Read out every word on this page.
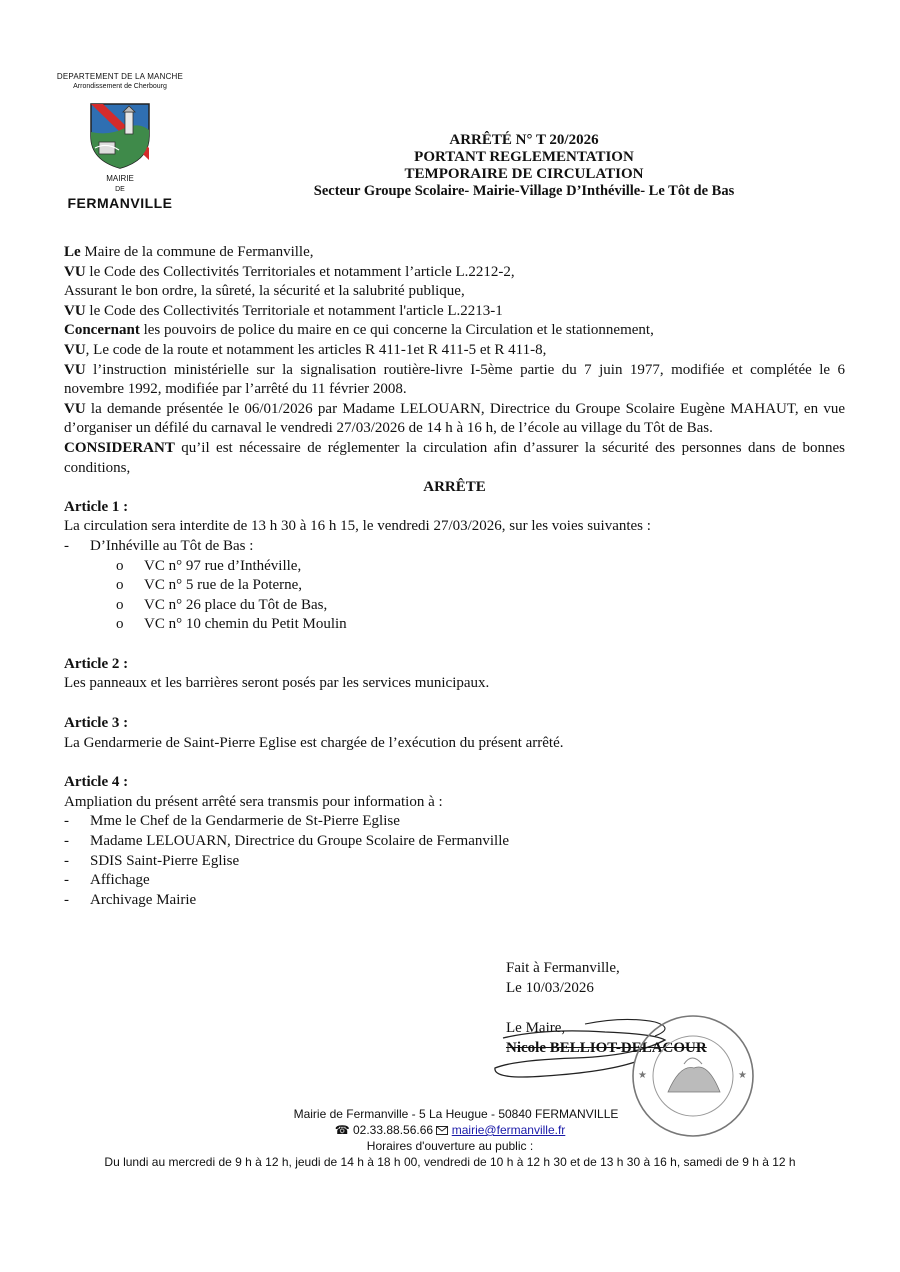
DEPARTEMENT DE LA MANCHE
Arrondissement de Cherbourg
MAIRIE
DE
FERMANVILLE
ARRÊTÉ N° T 20/2026
PORTANT REGLEMENTATION
TEMPORAIRE DE CIRCULATION
Secteur Groupe Scolaire- Mairie-Village D’Inthéville- Le Tôt de Bas

Le Maire de la commune de Fermanville,

VU le Code des Collectivités Territoriales et notamment l’article L.2212-2,

Assurant le bon ordre, la sûreté, la sécurité et la salubrité publique,

VU le Code des Collectivités Territoriale et notamment l'article L.2213-1

Concernant les pouvoirs de police du maire en ce qui concerne la Circulation et le stationnement,

VU, Le code de la route et notamment les articles R 411-1et R 411-5 et R 411-8,

VU l’instruction ministérielle sur la signalisation routière-livre I-5ème partie du 7 juin 1977, modifiée et complétée le 6 novembre 1992, modifiée par l’arrêté du 11 février 2008.

VU la demande présentée le 06/01/2026 par Madame LELOUARN, Directrice du Groupe Scolaire Eugène MAHAUT, en vue d’organiser un défilé du carnaval le vendredi 27/03/2026 de 14 h à 16 h, de l’école au village du Tôt de Bas.

CONSIDERANT qu’il est nécessaire de réglementer la circulation afin d’assurer la sécurité des personnes dans de bonnes conditions,

ARRÊTE

Article 1 :

La circulation sera interdite de 13 h 30 à 16 h 15, le vendredi 27/03/2026, sur les voies suivantes :

-	D’Inhéville au Tôt de Bas :
o	VC n° 97 rue d’Inthéville,
o	VC n° 5 rue de la Poterne,
o	VC n° 26 place du Tôt de Bas,
o	VC n° 10 chemin du Petit Moulin

Article 2 :

Les panneaux et les barrières seront posés par les services municipaux.

Article 3 :

La Gendarmerie de Saint-Pierre Eglise est chargée de l’exécution du présent arrêté.

Article 4 :

Ampliation du présent arrêté sera transmis pour information à :

-	Mme le Chef de la Gendarmerie de St-Pierre Eglise
-	Madame LELOUARN, Directrice du Groupe Scolaire de Fermanville
-	SDIS Saint-Pierre Eglise
-	Affichage
-	Archivage Mairie
Fait à Fermanville,
Le 10/03/2026
Le Maire,
Nicole BELLIOT-DELACOUR
★	★
Mairie de Fermanville - 5 La Heugue - 50840 FERMANVILLE
☎ 02.33.88.56.66 mairie@fermanville.fr
Horaires d'ouverture au public :
Du lundi au mercredi de 9 h à 12 h, jeudi de 14 h à 18 h 00, vendredi de 10 h à 12 h 30 et de 13 h 30 à 16 h, samedi de 9 h à 12 h
